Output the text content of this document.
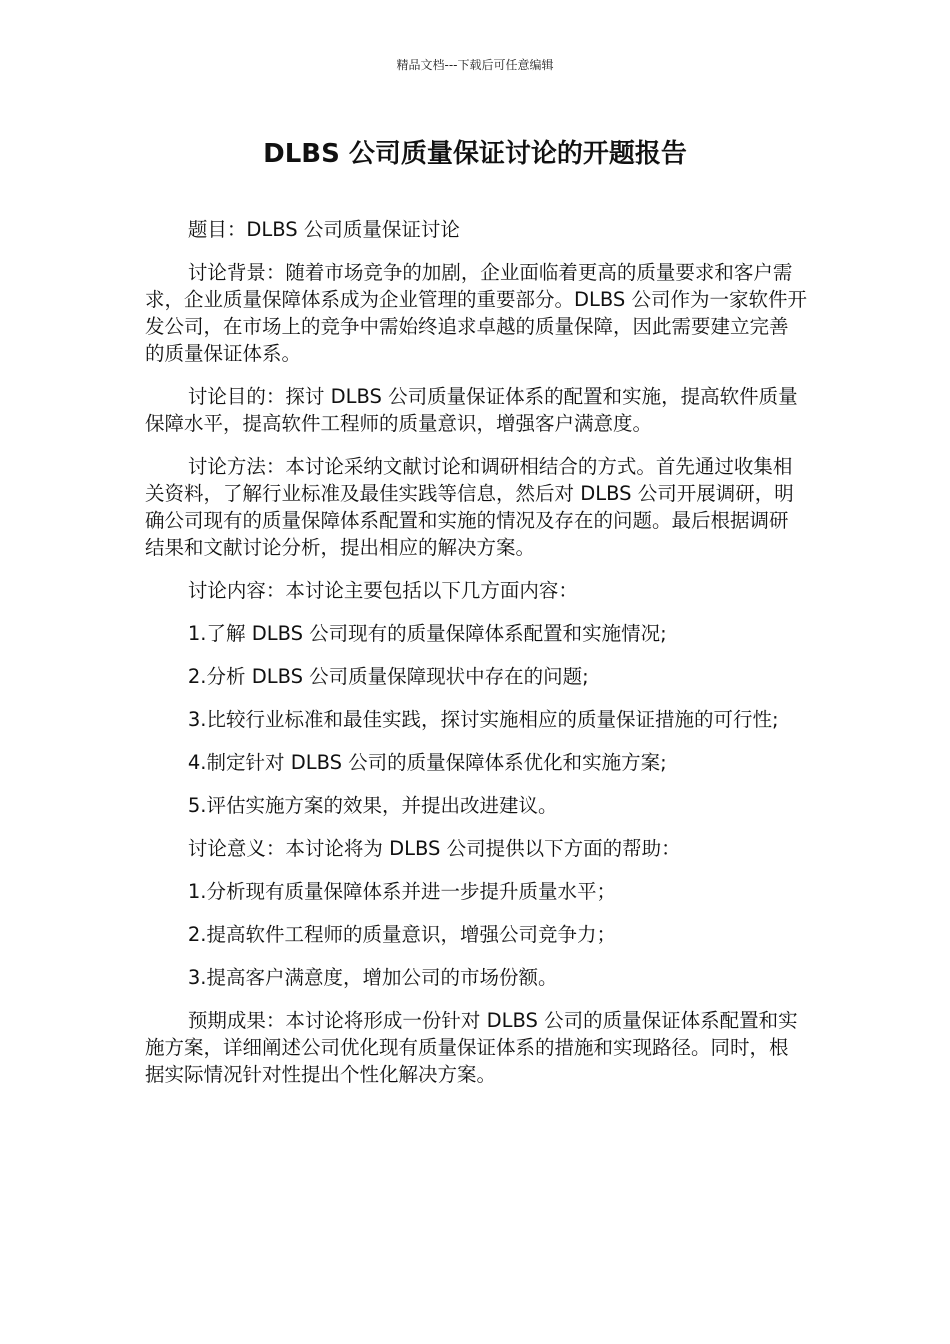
精品文档---下载后可任意编辑
DLBS 公司质量保证讨论的开题报告

题目：DLBS 公司质量保证讨论

讨论背景：随着市场竞争的加剧，企业面临着更高的质量要求和客户需求，企业质量保障体系成为企业管理的重要部分。DLBS 公司作为一家软件开发公司，在市场上的竞争中需始终追求卓越的质量保障，因此需要建立完善的质量保证体系。

讨论目的：探讨 DLBS 公司质量保证体系的配置和实施，提高软件质量保障水平，提高软件工程师的质量意识，增强客户满意度。

讨论方法：本讨论采纳文献讨论和调研相结合的方式。首先通过收集相关资料，了解行业标准及最佳实践等信息，然后对 DLBS 公司开展调研，明确公司现有的质量保障体系配置和实施的情况及存在的问题。最后根据调研结果和文献讨论分析，提出相应的解决方案。

讨论内容：本讨论主要包括以下几方面内容：

1.了解 DLBS 公司现有的质量保障体系配置和实施情况;

2.分析 DLBS 公司质量保障现状中存在的问题;

3.比较行业标准和最佳实践，探讨实施相应的质量保证措施的可行性;

4.制定针对 DLBS 公司的质量保障体系优化和实施方案;

5.评估实施方案的效果，并提出改进建议。

讨论意义：本讨论将为 DLBS 公司提供以下方面的帮助：

1.分析现有质量保障体系并进一步提升质量水平；

2.提高软件工程师的质量意识，增强公司竞争力；

3.提高客户满意度，增加公司的市场份额。

预期成果：本讨论将形成一份针对 DLBS 公司的质量保证体系配置和实施方案，详细阐述公司优化现有质量保证体系的措施和实现路径。同时，根据实际情况针对性提出个性化解决方案。
